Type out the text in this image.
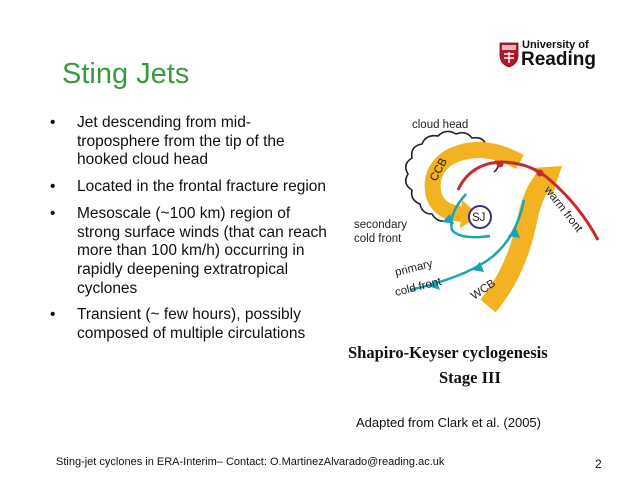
Sting Jets
University of
Reading
• Jet descending from mid-troposphere from the tip of the hooked cloud head
• Located in the frontal fracture region
• Mesoscale (~100 km) region of strong surface winds (that can reach more than 100 km/h) occurring in rapidly deepening extratropical cyclones
• Transient (~ few hours), possibly composed of multiple circulations
cloud head
CCB
SJ	warm front
secondary
cold front
primary
cold front WCB
Shapiro-Keyser cyclogenesis
Stage III
Adapted from Clark et al. (2005)
Sting-jet cyclones in ERA-Interim– Contact: O.MartinezAlvarado@reading.ac.uk	2
